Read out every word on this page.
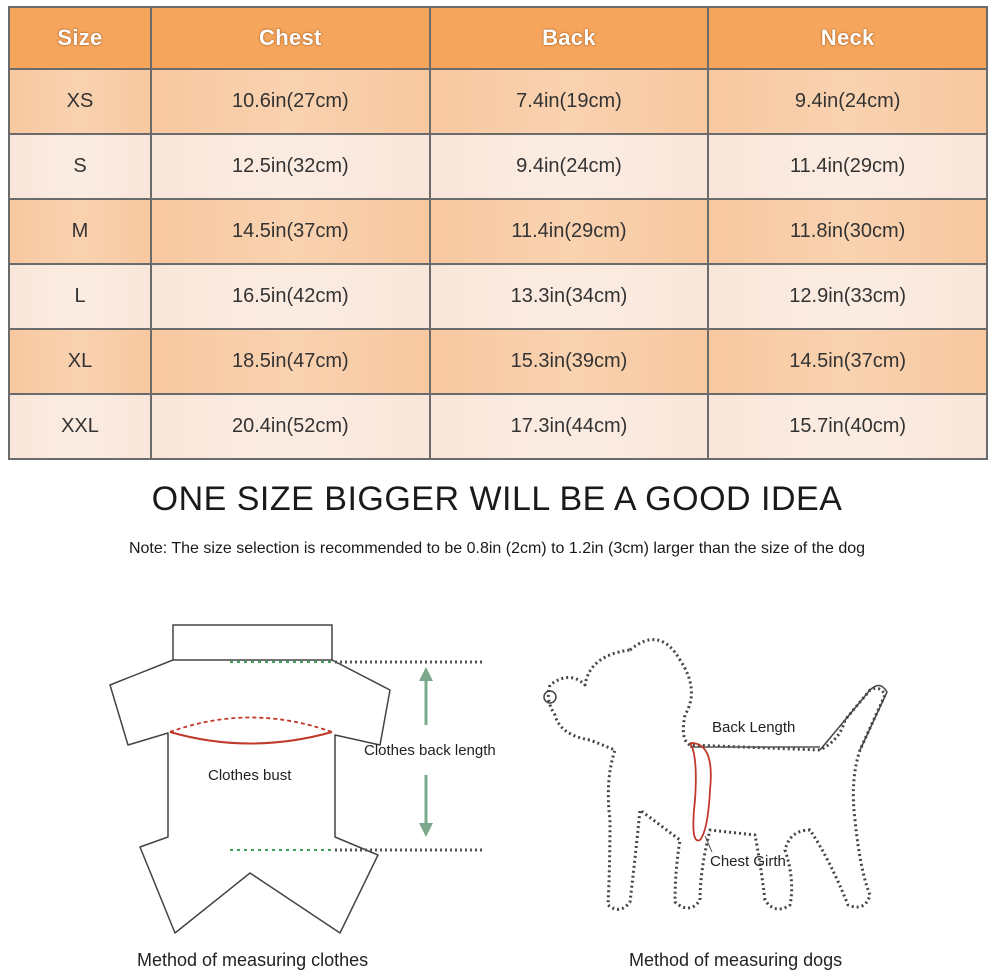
Size	Chest	Back	Neck
XS	10.6in(27cm)	7.4in(19cm)	9.4in(24cm)
S	12.5in(32cm)	9.4in(24cm)	11.4in(29cm)
M	14.5in(37cm)	11.4in(29cm)	11.8in(30cm)
L	16.5in(42cm)	13.3in(34cm)	12.9in(33cm)
XL	18.5in(47cm)	15.3in(39cm)	14.5in(37cm)
XXL	20.4in(52cm)	17.3in(44cm)	15.7in(40cm)
ONE SIZE BIGGER WILL BE A GOOD IDEA
Note: The size selection is recommended to be 0.8in (2cm) to 1.2in (3cm) larger than the size of the dog
Clothes bust
Clothes back length
Method of measuring clothes
Back Length
Chest Girth
Method of measuring dogs
